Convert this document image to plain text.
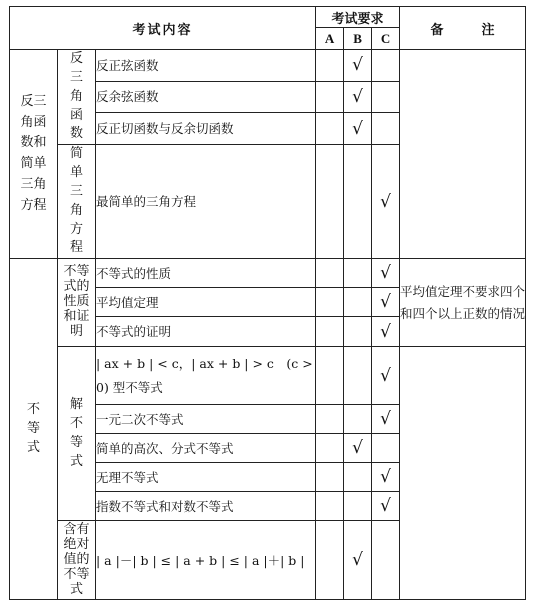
考试内容			考试要求			备 注
			A	B	C	
反三角函数和简单三角方程	反三角函数	反正弦函数		√		
		反余弦函数		√		
		反正切函数与反余切函数		√		
	简单三角方程	最简单的三角方程			√	
不等式	不等式的性质和证明	不等式的性质			√	平均值定理不要求四个和四个以上正数的情况
		平均值定理			√	
		不等式的证明			√	
	解不等式	| ax + b | < c，| ax + b | > c　(c > 0) 型不等式			√	
		一元二次不等式			√	
		简单的高次、分式不等式		√		
		无理不等式			√	
		指数不等式和对数不等式			√	
	含有绝对值的不等式	| a |－| b | ≤ | a + b | ≤ | a |＋| b |		√		
